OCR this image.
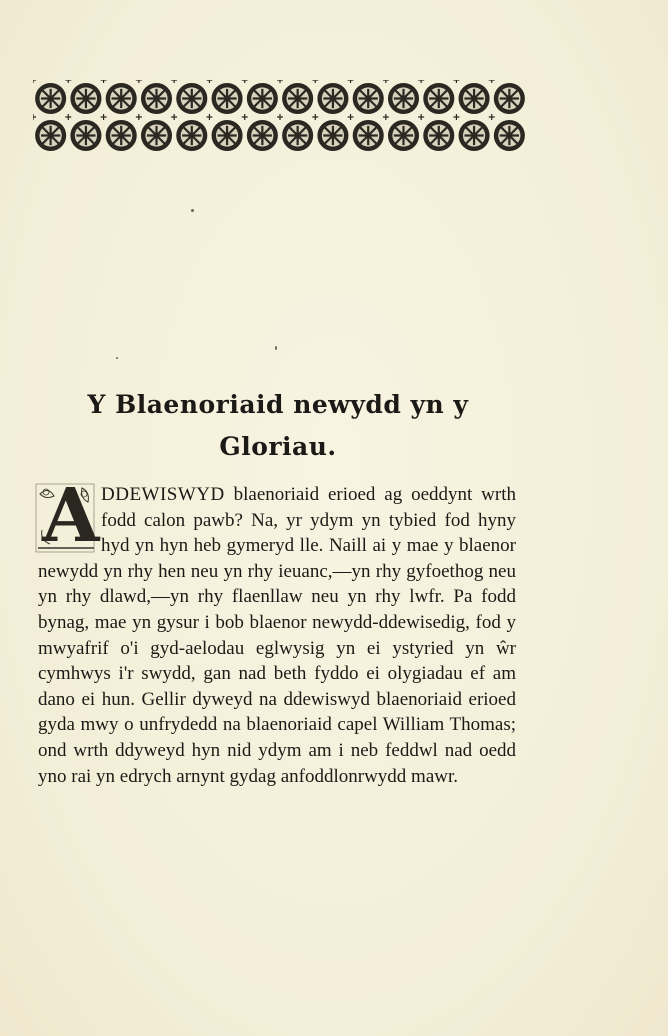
Y Blaenoriaid newydd yn y
Gloriau.
A DDEWISWYD blaenoriaid erioed ag oeddynt wrth fodd calon pawb? Na, yr ydym yn tybied fod hyny hyd yn hyn heb gymeryd lle. Naill ai y mae y blaenor newydd yn rhy hen neu yn rhy ieuanc,—yn rhy gyfoethog neu yn rhy dlawd,—yn rhy flaenllaw neu yn rhy lwfr. Pa fodd bynag, mae yn gysur i bob blaenor newydd-ddewisedig, fod y mwyafrif o'i gyd-aelodau eglwysig yn ei ystyried yn ŵr cymhwys i'r swydd, gan nad beth fyddo ei olygiadau ef am dano ei hun. Gellir dyweyd na ddewiswyd blaenoriaid erioed gyda mwy o unfrydedd na blaenoriaid capel William Thomas; ond wrth ddyweyd hyn nid ydym am i neb feddwl nad oedd yno rai yn edrych arnynt gydag anfoddlonrwydd mawr.
